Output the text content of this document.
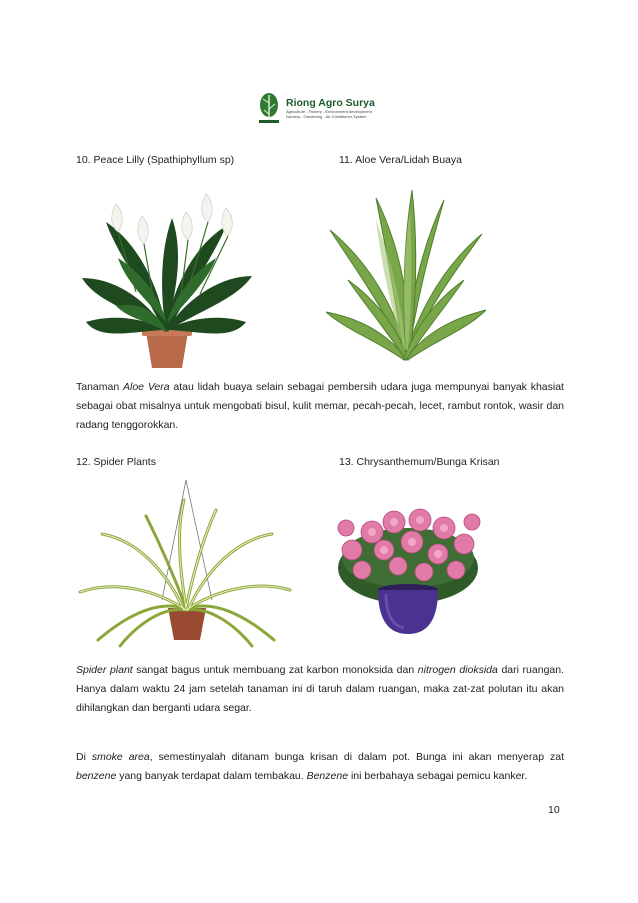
Riong Agro Surya
Agriculture - Fishery - Environment development
Nursery - Gardening - Air Conditioner System
10. Peace Lilly (Spathiphyllum sp)	11. Aloe Vera/Lidah Buaya
Tanaman Aloe Vera atau lidah buaya selain sebagai pembersih udara juga mempunyai banyak khasiat sebagai obat misalnya untuk mengobati bisul, kulit memar, pecah-pecah, lecet, rambut rontok, wasir dan radang tenggorokkan.
12. Spider Plants	13. Chrysanthemum/Bunga Krisan
Spider plant sangat bagus untuk membuang zat karbon monoksida dan nitrogen dioksida dari ruangan. Hanya dalam waktu 24 jam setelah tanaman ini di taruh dalam ruangan, maka zat-zat polutan itu akan dihilangkan dan berganti udara segar.
Di smoke area, semestinyalah ditanam bunga krisan di dalam pot. Bunga ini akan menyerap zat benzene yang banyak terdapat dalam tembakau. Benzene ini berbahaya sebagai pemicu kanker.
10
